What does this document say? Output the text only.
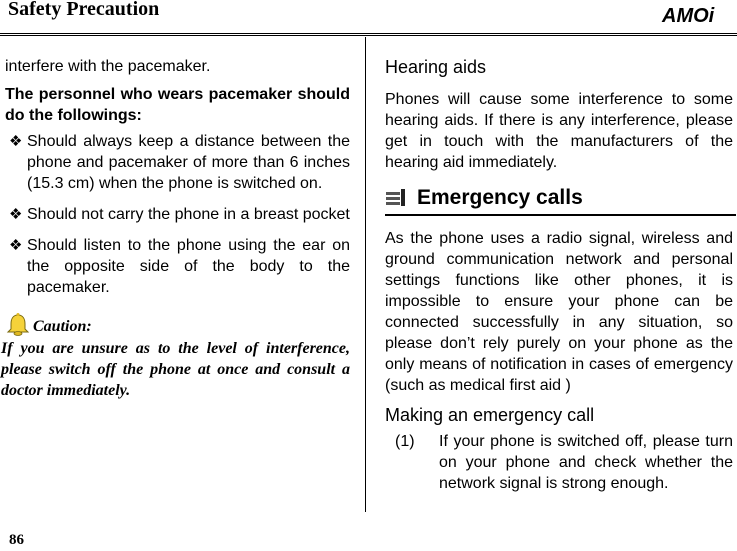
Safety Precaution	AMOi

interfere with the pacemaker.

The personnel who wears pacemaker should do the followings:

❖ Should always keep a distance between the phone and pacemaker of more than 6 inches (15.3 cm) when the phone is switched on.
❖ Should not carry the phone in a breast pocket
❖ Should listen to the phone using the ear on the opposite side of the body to the pacemaker.
Caution:

If you are unsure as to the level of interference, please switch off the phone at once and consult a doctor immediately.

Hearing aids

Phones will cause some interference to some hearing aids. If there is any interference, please get in touch with the manufacturers of the hearing aid immediately.

Emergency calls

As the phone uses a radio signal, wireless and ground communication network and personal settings functions like other phones, it is impossible to ensure your phone can be connected successfully in any situation, so please don’t rely purely on your phone as the only means of notification in cases of emergency (such as medical first aid )

Making an emergency call

(1)	If your phone is switched off, please turn on your phone and check whether the network signal is strong enough.
86
